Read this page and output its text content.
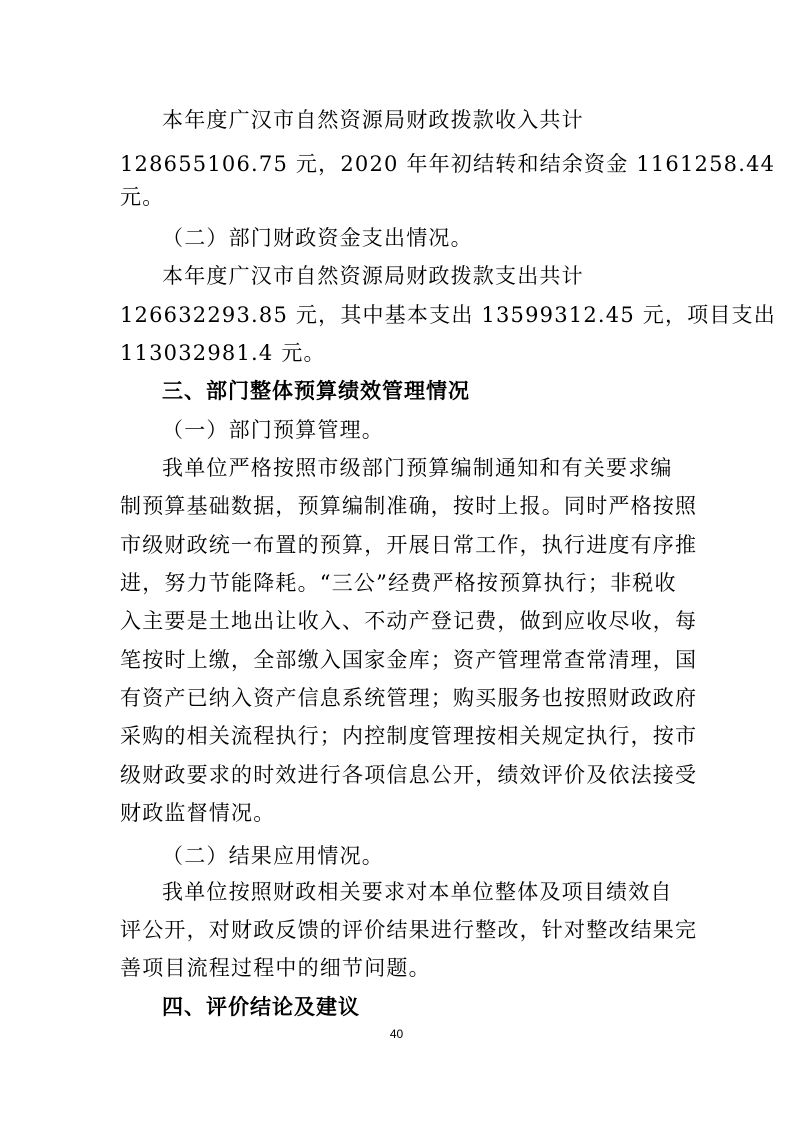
本年度广汉市自然资源局财政拨款收入共计
128655106.75 元，2020 年年初结转和结余资金 1161258.44
元。
（二）部门财政资金支出情况。
本年度广汉市自然资源局财政拨款支出共计
126632293.85 元，其中基本支出 13599312.45 元，项目支出
113032981.4 元。
三、部门整体预算绩效管理情况
（一）部门预算管理。
我单位严格按照市级部门预算编制通知和有关要求编
制预算基础数据，预算编制准确，按时上报。同时严格按照
市级财政统一布置的预算，开展日常工作，执行进度有序推
进，努力节能降耗。“三公”经费严格按预算执行；非税收
入主要是土地出让收入、不动产登记费，做到应收尽收，每
笔按时上缴，全部缴入国家金库；资产管理常查常清理，国
有资产已纳入资产信息系统管理；购买服务也按照财政政府
采购的相关流程执行；内控制度管理按相关规定执行，按市
级财政要求的时效进行各项信息公开，绩效评价及依法接受
财政监督情况。
（二）结果应用情况。
我单位按照财政相关要求对本单位整体及项目绩效自
评公开，对财政反馈的评价结果进行整改，针对整改结果完
善项目流程过程中的细节问题。
四、评价结论及建议
40
